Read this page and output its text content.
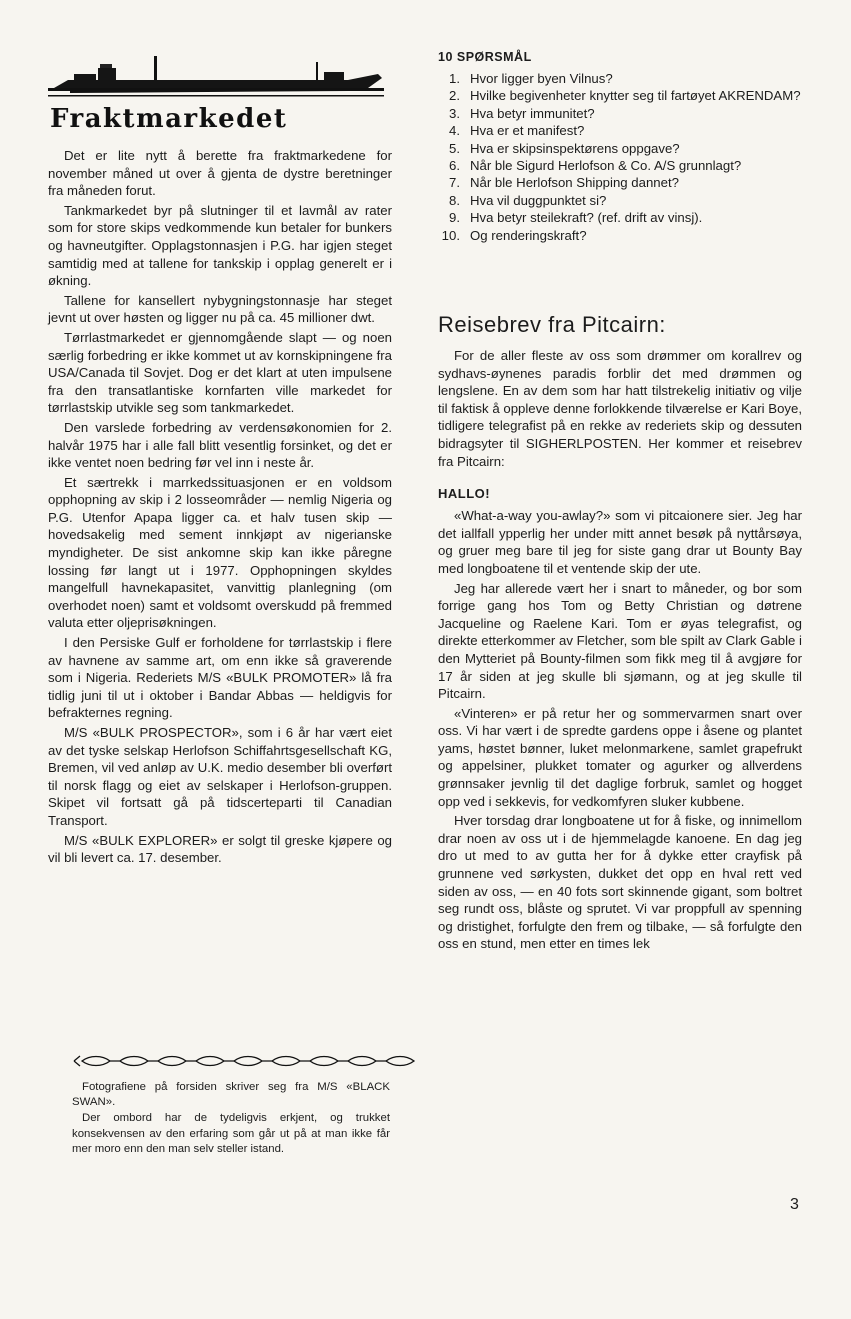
Fraktmarkedet

Det er lite nytt å berette fra fraktmarkedene for november måned ut over å gjenta de dystre beretninger fra måneden forut.

Tankmarkedet byr på slutninger til et lavmål av rater som for store skips vedkommende kun betaler for bunkers og havneutgifter. Opplagstonnasjen i P.G. har igjen steget samtidig med at tallene for tankskip i opplag generelt er i økning.

Tallene for kansellert nybygningstonnasje har steget jevnt ut over høsten og ligger nu på ca. 45 millioner dwt.

Tørrlastmarkedet er gjennomgående slapt — og noen særlig forbedring er ikke kommet ut av kornskipningene fra USA/Canada til Sovjet. Dog er det klart at uten impulsene fra den transatlantiske kornfarten ville markedet for tørrlastskip utvikle seg som tankmarkedet.

Den varslede forbedring av verdensøkonomien for 2. halvår 1975 har i alle fall blitt vesentlig forsinket, og det er ikke ventet noen bedring før vel inn i neste år.

Et særtrekk i marrkedssituasjonen er en voldsom opphopning av skip i 2 losseområder — nemlig Nigeria og P.G. Utenfor Apapa ligger ca. et halv tusen skip — hovedsakelig med sement innkjøpt av nigerianske myndigheter. De sist ankomne skip kan ikke påregne lossing før langt ut i 1977. Opphopningen skyldes mangelfull havnekapasitet, vanvittig planlegning (om overhodet noen) samt et voldsomt overskudd på fremmed valuta etter oljeprisøkningen.

I den Persiske Gulf er forholdene for tørrlastskip i flere av havnene av samme art, om enn ikke så graverende som i Nigeria. Rederiets M/S «BULK PROMOTER» lå fra tidlig juni til ut i oktober i Bandar Abbas — heldigvis for befrakternes regning.

M/S «BULK PROSPECTOR», som i 6 år har vært eiet av det tyske selskap Herlofson Schiffahrtsgesellschaft KG, Bremen, vil ved anløp av U.K. medio desember bli overført til norsk flagg og eiet av selskaper i Herlofson-gruppen. Skipet vil fortsatt gå på tidscerteparti til Canadian Transport.

M/S «BULK EXPLORER» er solgt til greske kjøpere og vil bli levert ca. 17. desember.

Fotografiene på forsiden skriver seg fra M/S «BLACK SWAN».

Der ombord har de tydeligvis erkjent, og trukket konsekvensen av den erfaring som går ut på at man ikke får mer moro enn den man selv steller istand.

10 SPØRSMÅL
1. Hvor ligger byen Vilnus?
2. Hvilke begivenheter knytter seg til fartøyet AKRENDAM?
3. Hva betyr immunitet?
4. Hva er et manifest?
5. Hva er skipsinspektørens oppgave?
6. Når ble Sigurd Herlofson & Co. A/S grunnlagt?
7. Når ble Herlofson Shipping dannet?
8. Hva vil duggpunktet si?
9. Hva betyr steilekraft? (ref. drift av vinsj).
10. Og renderingskraft?
Reisebrev fra Pitcairn:

For de aller fleste av oss som drømmer om korallrev og sydhavs-øynenes paradis forblir det med drømmen og lengslene. En av dem som har hatt tilstrekelig initiativ og vilje til faktisk å oppleve denne forlokkende tilværelse er Kari Boye, tidligere telegrafist på en rekke av rederiets skip og dessuten bidragsyter til SIGHERLPOSTEN. Her kommer et reisebrev fra Pitcairn:

HALLO!

«What-a-way you-awlay?» som vi pitcaionere sier. Jeg har det iallfall ypperlig her under mitt annet besøk på nyttårsøya, og gruer meg bare til jeg for siste gang drar ut Bounty Bay med longboatene til et ventende skip der ute.

Jeg har allerede vært her i snart to måneder, og bor som forrige gang hos Tom og Betty Christian og døtrene Jacqueline og Raelene Kari. Tom er øyas telegrafist, og direkte etterkommer av Fletcher, som ble spilt av Clark Gable i den Mytteriet på Bounty-filmen som fikk meg til å avgjøre for 17 år siden at jeg skulle bli sjømann, og at jeg skulle til Pitcairn.

«Vinteren» er på retur her og sommervarmen snart over oss. Vi har vært i de spredte gardens oppe i åsene og plantet yams, høstet bønner, luket melonmarkene, samlet grapefrukt og appelsiner, plukket tomater og agurker og allverdens grønnsaker jevnlig til det daglige forbruk, samlet og hogget opp ved i sekkevis, for vedkomfyren sluker kubbene.

Hver torsdag drar longboatene ut for å fiske, og innimellom drar noen av oss ut i de hjemmelagde kanoene. En dag jeg dro ut med to av gutta her for å dykke etter crayfisk på grunnene ved sørkysten, dukket det opp en hval rett ved siden av oss, — en 40 fots sort skinnende gigant, som boltret seg rundt oss, blåste og sprutet. Vi var proppfull av spenning og dristighet, forfulgte den frem og tilbake, — så forfulgte den oss en stund, men etter en times lek

3
